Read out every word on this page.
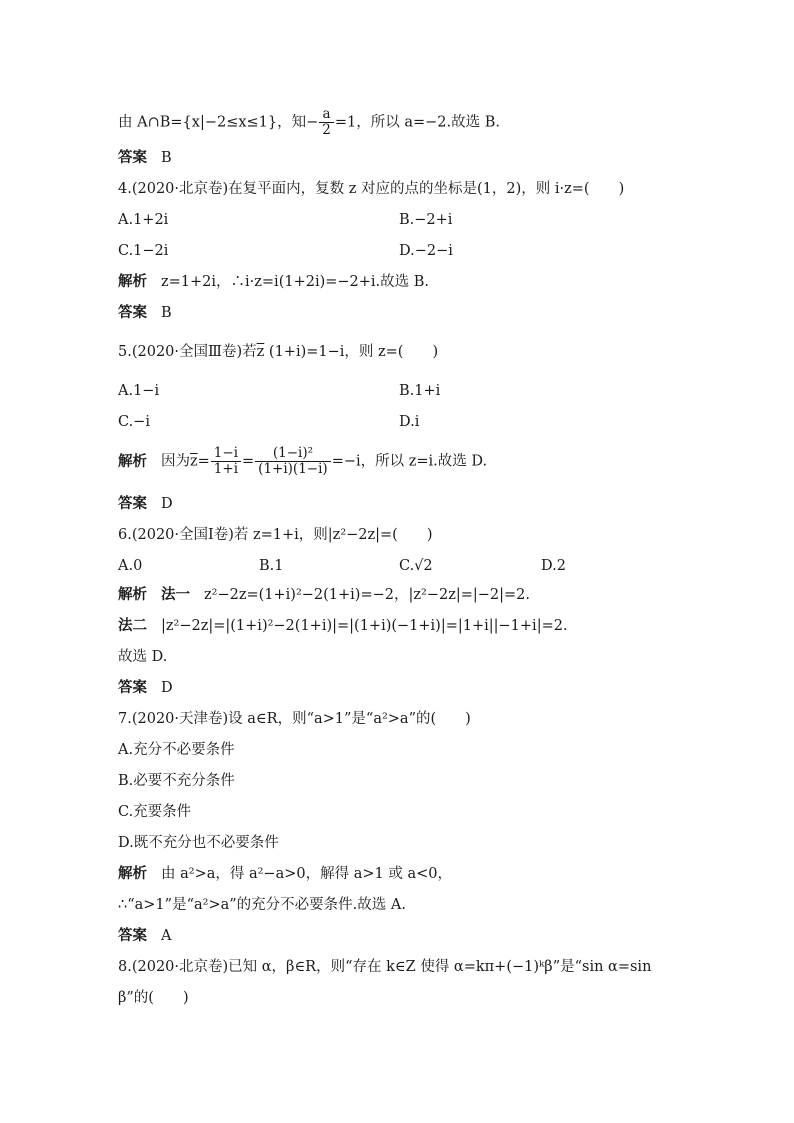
由 A∩B={x|−2≤x≤1}，知− $\frac{a}{2} =1$，所以 a=−2.故选 B.
答案 B
4.(2020·北京卷)在复平面内，复数 z 对应的点的坐标是(1，2)，则 i·z=(　　)
A.1+2i	B.−2+i
C.1−2i	D.−2−i
解析 z=1+2i，∴i·z=i(1+2i)=−2+i.故选 B.
答案 B
5.(2020·全国Ⅲ卷)若$\overline{z}$ (1+i)=1−i，则 z=(　　)
A.1−i	B.1+i
C.−i	D.i
解析 因为$\overline{z}= \frac{1-i}{1+i} = \frac{\text{(1−i)²}}{(1+i)(1-i)} =-i$，所以 z=i.故选 D.
答案 D
6.(2020·全国Ⅰ卷)若 z=1+i，则|z²−2z|=(　　)
A.0	B.1	C.√2	D.2
解析 法一 z²−2z=(1+i)²−2(1+i)=−2，|z²−2z|=|−2|=2.
法二 |z²−2z|=|(1+i)²−2(1+i)|=|(1+i)(−1+i)|=|1+i||−1+i|=2.
故选 D.
答案 D
7.(2020·天津卷)设 a∈R，则“a>1”是“a²>a”的(　　)
A.充分不必要条件
B.必要不充分条件
C.充要条件
D.既不充分也不必要条件
解析 由 a²>a，得 a²−a>0，解得 a>1 或 a<0，
∴“a>1”是“a²>a”的充分不必要条件.故选 A.
答案 A
8.(2020·北京卷)已知 α，β∈R，则“存在 k∈Z 使得 α=kπ+(−1)ᵏβ”是“sin α=sin
β”的(　　)
